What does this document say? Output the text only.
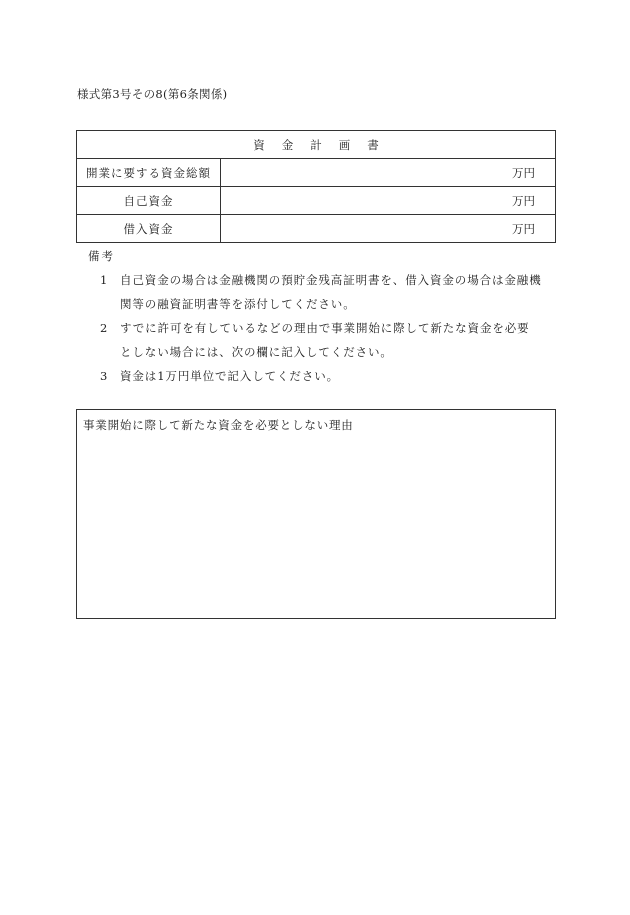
様式第3号その8(第6条関係)
資金計画書	
開業に要する資金総額	万円
自己資金	万円
借入資金	万円
備考
1	自己資金の場合は金融機関の預貯金残高証明書を、借入資金の場合は金融機
関等の融資証明書等を添付してください。
2	すでに許可を有しているなどの理由で事業開始に際して新たな資金を必要
としない場合には、次の欄に記入してください。
3	資金は1万円単位で記入してください。
事業開始に際して新たな資金を必要としない理由
